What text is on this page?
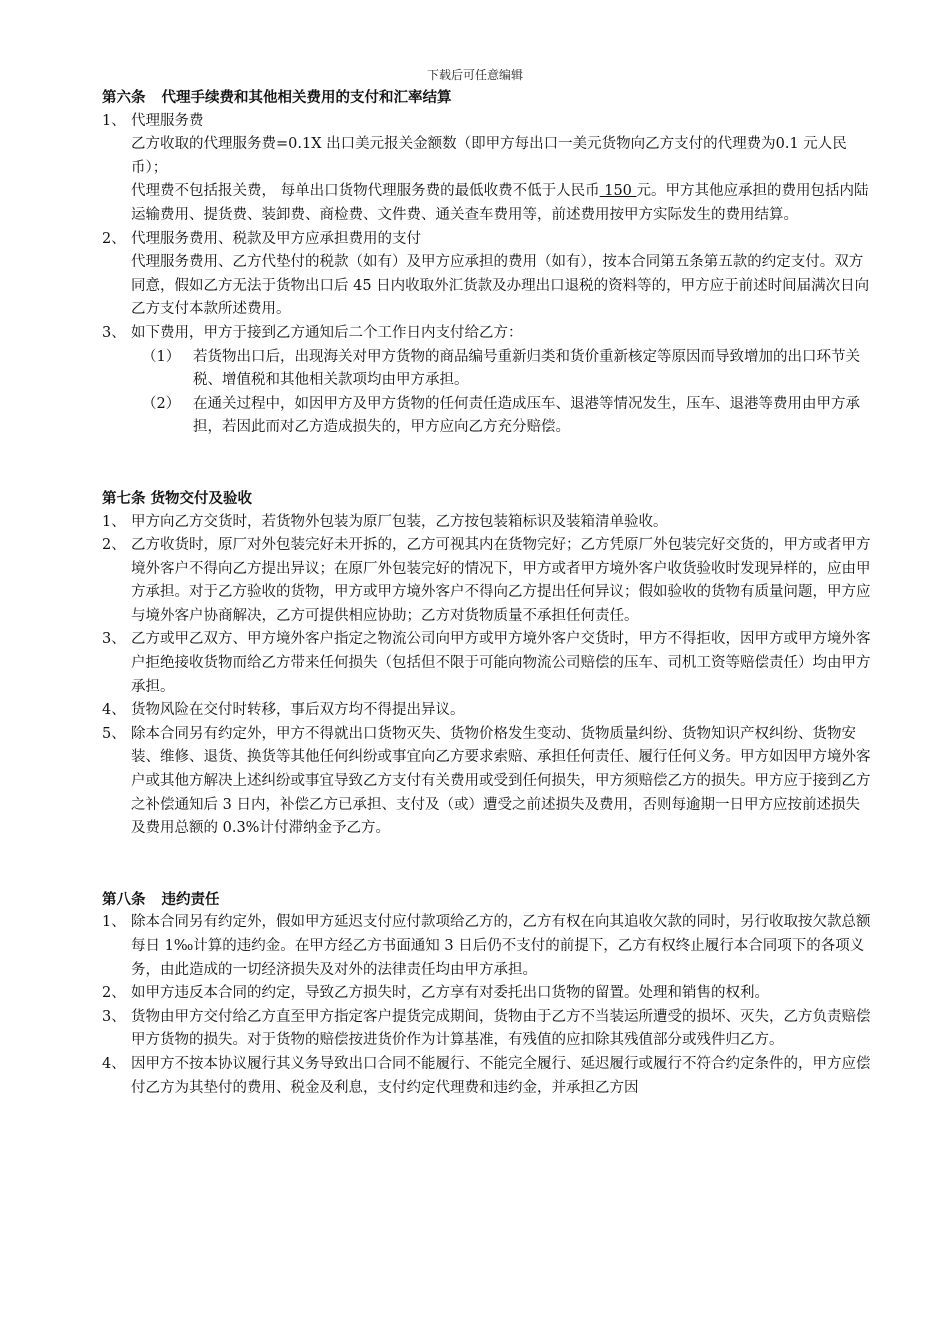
下载后可任意编辑
第六条 代理手续费和其他相关费用的支付和汇率结算
1、 代理服务费
乙方收取的代理服务费=0.1X 出口美元报关金额数（即甲方每出口一美元货物向乙方支付的代理费为0.1 元人民币）；
代理费不包括报关费， 每单出口货物代理服务费的最低收费不低于人民币 150 元。甲方其他应承担的费用包括内陆运输费用、提货费、装卸费、商检费、文件费、通关查车费用等，前述费用按甲方实际发生的费用结算。
2、 代理服务费用、税款及甲方应承担费用的支付
代理服务费用、乙方代垫付的税款（如有）及甲方应承担的费用（如有），按本合同第五条第五款的约定支付。双方同意，假如乙方无法于货物出口后 45 日内收取外汇货款及办理出口退税的资料等的，甲方应于前述时间届满次日向乙方支付本款所述费用。
3、 如下费用，甲方于接到乙方通知后二个工作日内支付给乙方：
（1） 若货物出口后，出现海关对甲方货物的商品编号重新归类和货价重新核定等原因而导致增加的出口环节关税、增值税和其他相关款项均由甲方承担。
（2） 在通关过程中，如因甲方及甲方货物的任何责任造成压车、退港等情况发生，压车、退港等费用由甲方承担，若因此而对乙方造成损失的，甲方应向乙方充分赔偿。
第七条 货物交付及验收
1、 甲方向乙方交货时，若货物外包装为原厂包装，乙方按包装箱标识及装箱清单验收。
2、 乙方收货时，原厂对外包装完好未开拆的，乙方可视其内在货物完好；乙方凭原厂外包装完好交货的，甲方或者甲方境外客户不得向乙方提出异议；在原厂外包装完好的情况下，甲方或者甲方境外客户收货验收时发现异样的，应由甲方承担。对于乙方验收的货物，甲方或甲方境外客户不得向乙方提出任何异议；假如验收的货物有质量问题，甲方应与境外客户协商解决，乙方可提供相应协助；乙方对货物质量不承担任何责任。
3、 乙方或甲乙双方、甲方境外客户指定之物流公司向甲方或甲方境外客户交货时，甲方不得拒收，因甲方或甲方境外客户拒绝接收货物而给乙方带来任何损失（包括但不限于可能向物流公司赔偿的压车、司机工资等赔偿责任）均由甲方承担。
4、 货物风险在交付时转移，事后双方均不得提出异议。
5、 除本合同另有约定外，甲方不得就出口货物灭失、货物价格发生变动、货物质量纠纷、货物知识产权纠纷、货物安装、维修、退货、换货等其他任何纠纷或事宜向乙方要求索赔、承担任何责任、履行任何义务。甲方如因甲方境外客户或其他方解决上述纠纷或事宜导致乙方支付有关费用或受到任何损失，甲方须赔偿乙方的损失。甲方应于接到乙方之补偿通知后 3 日内，补偿乙方已承担、支付及（或）遭受之前述损失及费用，否则每逾期一日甲方应按前述损失及费用总额的 0.3%计付滞纳金予乙方。
第八条 违约责任
1、 除本合同另有约定外，假如甲方延迟支付应付款项给乙方的，乙方有权在向其追收欠款的同时，另行收取按欠款总额每日 1‰计算的违约金。在甲方经乙方书面通知 3 日后仍不支付的前提下，乙方有权终止履行本合同项下的各项义务，由此造成的一切经济损失及对外的法律责任均由甲方承担。
2、 如甲方违反本合同的约定，导致乙方损失时，乙方享有对委托出口货物的留置。处理和销售的权利。
3、 货物由甲方交付给乙方直至甲方指定客户提货完成期间，货物由于乙方不当装运所遭受的损坏、灭失，乙方负责赔偿甲方货物的损失。对于货物的赔偿按进货价作为计算基准，有残值的应扣除其残值部分或残件归乙方。
4、 因甲方不按本协议履行其义务导致出口合同不能履行、不能完全履行、延迟履行或履行不符合约定条件的，甲方应偿付乙方为其垫付的费用、税金及利息，支付约定代理费和违约金，并承担乙方因
